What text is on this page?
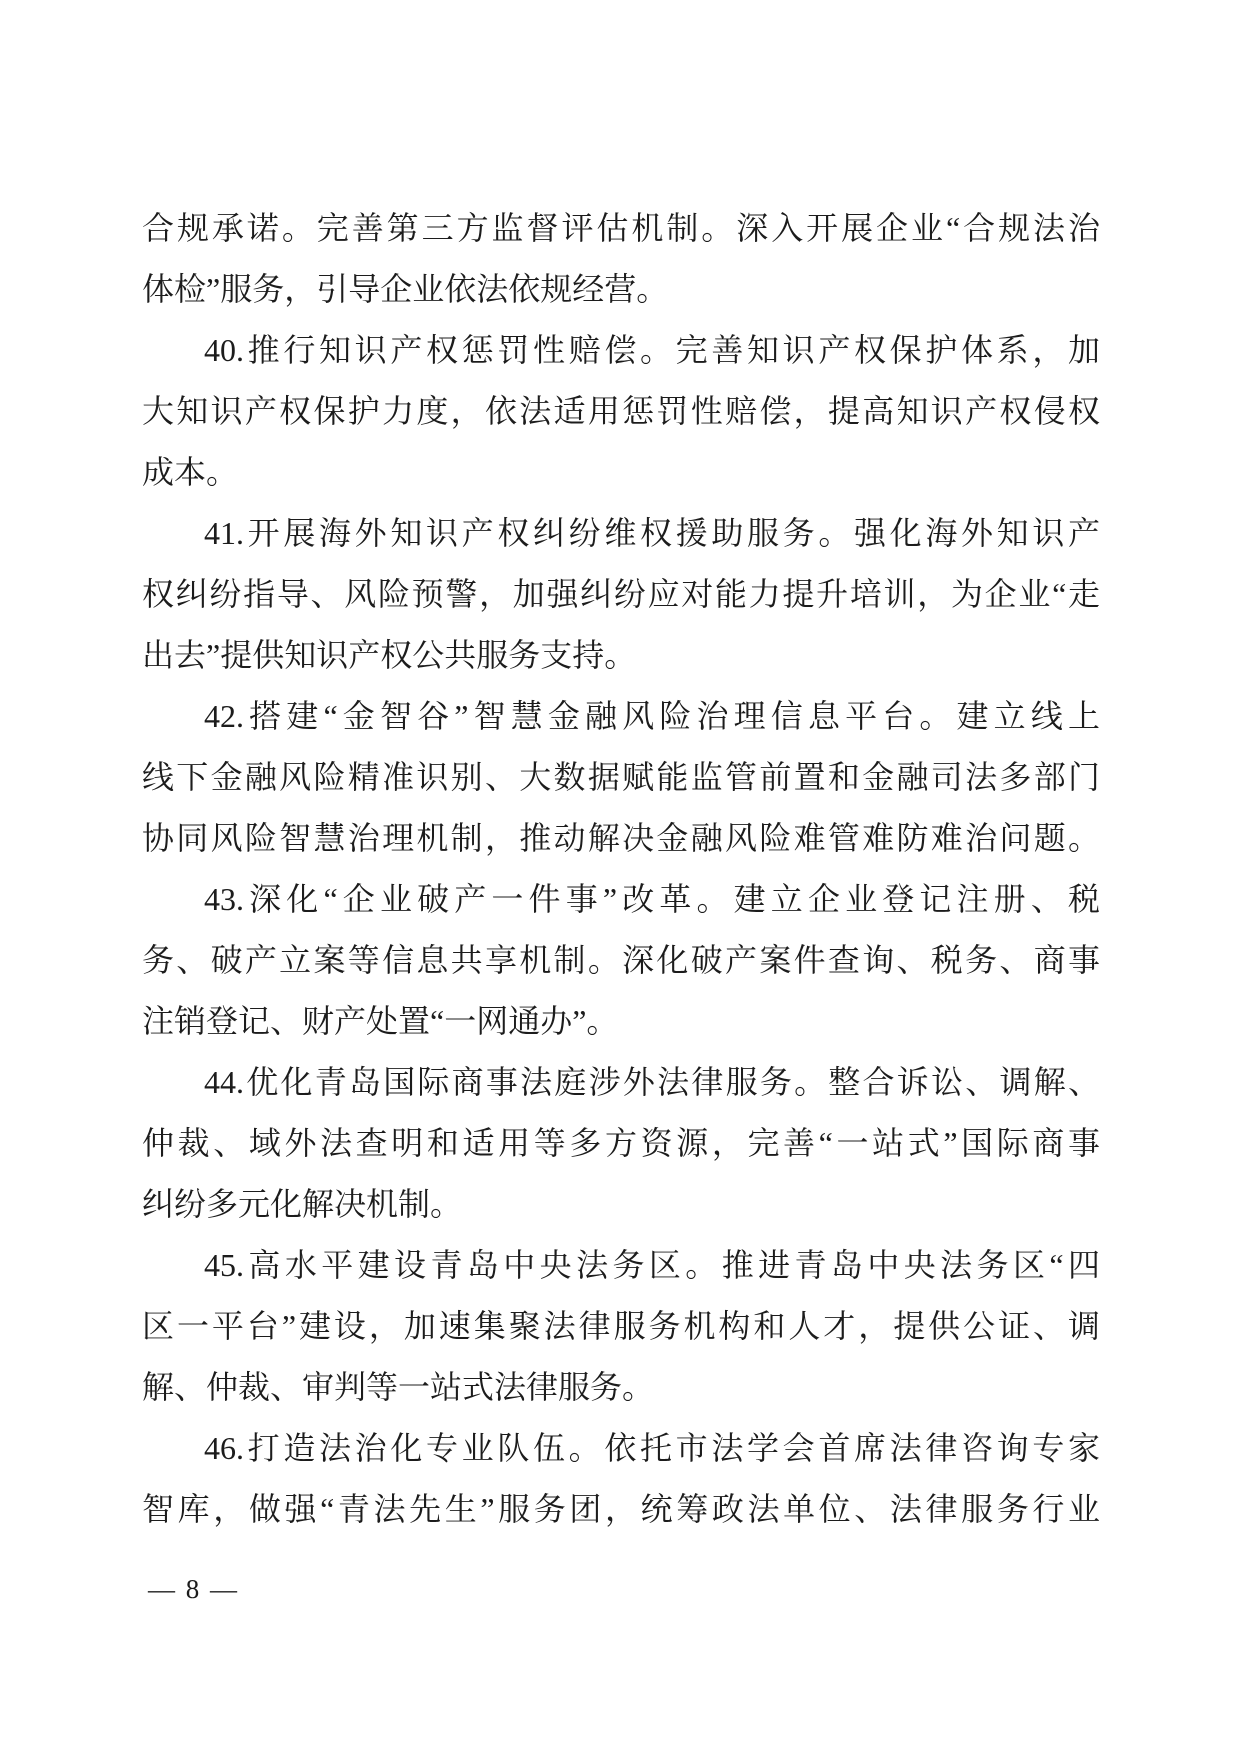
合规承诺。完善第三方监督评估机制。深入开展企业“合规法治
体检”服务，引导企业依法依规经营。
40.推行知识产权惩罚性赔偿。完善知识产权保护体系，加
大知识产权保护力度，依法适用惩罚性赔偿，提高知识产权侵权
成本。
41.开展海外知识产权纠纷维权援助服务。强化海外知识产
权纠纷指导、风险预警，加强纠纷应对能力提升培训，为企业“走
出去”提供知识产权公共服务支持。
42.搭建“金智谷”智慧金融风险治理信息平台。建立线上
线下金融风险精准识别、大数据赋能监管前置和金融司法多部门
协同风险智慧治理机制，推动解决金融风险难管难防难治问题。
43.深化“企业破产一件事”改革。建立企业登记注册、税
务、破产立案等信息共享机制。深化破产案件查询、税务、商事
注销登记、财产处置“一网通办”。
44.优化青岛国际商事法庭涉外法律服务。整合诉讼、调解、
仲裁、域外法查明和适用等多方资源，完善“一站式”国际商事
纠纷多元化解决机制。
45.高水平建设青岛中央法务区。推进青岛中央法务区“四
区一平台”建设，加速集聚法律服务机构和人才，提供公证、调
解、仲裁、审判等一站式法律服务。
46.打造法治化专业队伍。依托市法学会首席法律咨询专家
智库，做强“青法先生”服务团，统筹政法单位、法律服务行业
— 8 —
